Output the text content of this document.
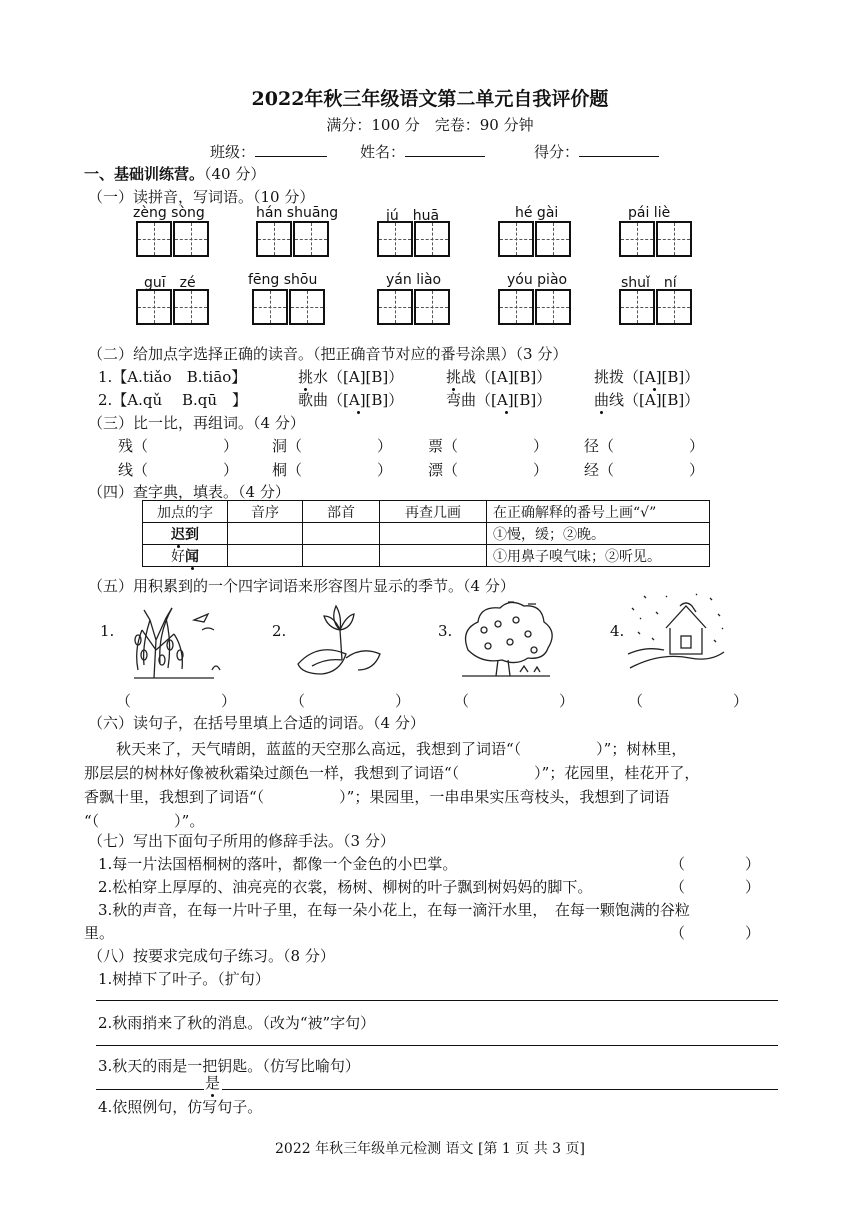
2022年秋三年级语文第二单元自我评价题
满分：100 分　完卷：90 分钟
班级：	姓名：	得分：
一、基础训练营。（40 分）
（一）读拼音，写词语。（10 分）
zèng sòng	hán shuāng	jú　huā	hé gài	pái liè
guī　zé	fēng shōu	yán liào	yóu piào	shuǐ　ní
（二）给加点字选择正确的读音。（把正确音节对应的番号涂黑）（3 分）
1.【A.tiǎo　B.tiāo】	挑水（[A][B]）	挑战（[A][B]）	挑拨（[A][B]）
2.【A.qǔ　 B.qū　】	歌曲（[A][B]）	弯曲（[A][B]）	曲线（[A][B]）
（三）比一比，再组词。（4 分）
残（　　　　　） 洞（　　　　　） 票（　　　　　） 径（　　　　　）
线（　　　　　） 桐（　　　　　） 漂（　　　　　） 经（　　　　　）
（四）查字典，填表。（4 分）
加点的字	音序	部首	再查几画	在正确解释的番号上画“√”
迟到				①慢，缓；②晚。
好闻				①用鼻子嗅气味；②听见。
（五）用积累到的一个四字词语来形容图片显示的季节。（4 分）
1.	2.	3.	4.
（　　　　　　）	（　　　　　　）	（　　　　　　）	（　　　　　　）
（六）读句子，在括号里填上合适的词语。（4 分）
秋天来了，天气晴朗，蓝蓝的天空那么高远，我想到了词语“（　　　　　）”；树林里，
那层层的树林好像被秋霜染过颜色一样，我想到了词语“（　　　　　）”；花园里，桂花开了，
香飘十里，我想到了词语“（　　　　　）”；果园里，一串串果实压弯枝头，我想到了词语
“（　　　　　）”。
（七）写出下面句子所用的修辞手法。（3 分）
1.每一片法国梧桐树的落叶，都像一个金色的小巴掌。	（　　　　）
2.松柏穿上厚厚的、油亮亮的衣裳，杨树、柳树的叶子飘到树妈妈的脚下。	（　　　　）
3.秋的声音，在每一片叶子里，在每一朵小花上，在每一滴汗水里，　在每一颗饱满的谷粒
里。	（　　　　）
（八）按要求完成句子练习。（8 分）
1.树掉下了叶子。（扩句）
2.秋雨捎来了秋的消息。（改为“被”字句）
3.秋天的雨是一把钥匙。（仿写比喻句）
是
4.依照例句，仿写句子。
2022 年秋三年级单元检测 语文 [第 1 页 共 3 页]
